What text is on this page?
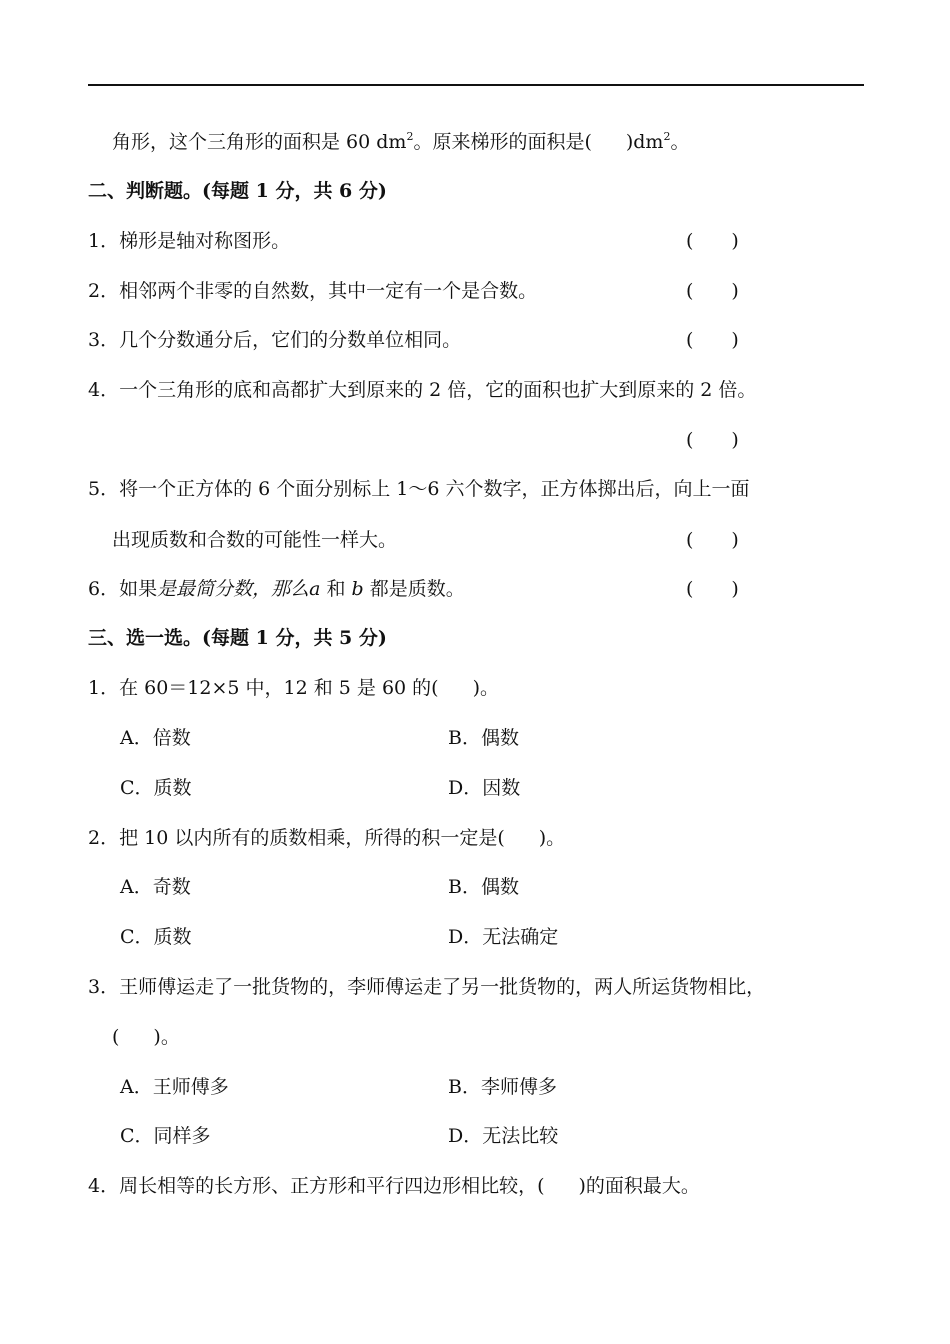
角形，这个三角形的面积是 60 $dm^2$。原来梯形的面积是( )$dm^2$。
二、判断题。(每题 1 分，共 6 分)
1．梯形是轴对称图形。	( )
2．相邻两个非零的自然数，其中一定有一个是合数。	( )
3．几个分数通分后，它们的分数单位相同。	( )
4．一个三角形的底和高都扩大到原来的 2 倍，它的面积也扩大到原来的 2 倍。
( )
5．将一个正方体的 6 个面分别标上 1～6 六个数字，正方体掷出后，向上一面
出现质数和合数的可能性一样大。	( )
6．如果是最简分数，那么a 和 b 都是质数。	( )
三、选一选。(每题 1 分，共 5 分)
1．在 60＝12×5 中，12 和 5 是 60 的( )。
A．倍数	B．偶数
C．质数	D．因数
2．把 10 以内所有的质数相乘，所得的积一定是( )。
A．奇数	B．偶数
C．质数	D．无法确定
3．王师傅运走了一批货物的，李师傅运走了另一批货物的，两人所运货物相比，
( )。
A．王师傅多	B．李师傅多
C．同样多	D．无法比较
4．周长相等的长方形、正方形和平行四边形相比较，( )的面积最大。
